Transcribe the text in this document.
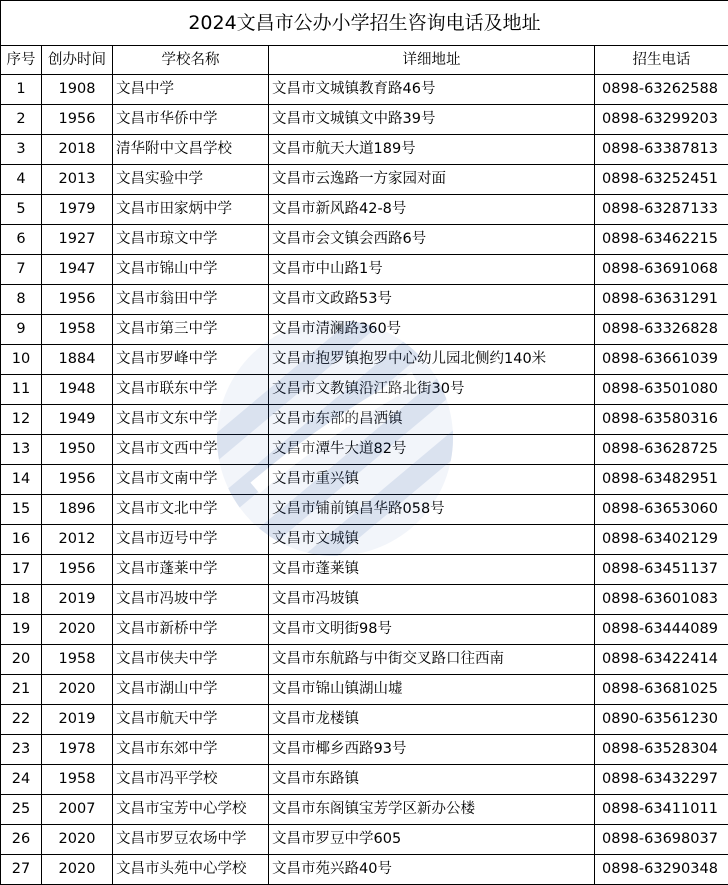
2024文昌市公办小学招生咨询电话及地址				
序号	创办时间	学校名称	详细地址	招生电话
1	1908	文昌中学	文昌市文城镇教育路46号	0898-63262588
2	1956	文昌市华侨中学	文昌市文城镇文中路39号	0898-63299203
3	2018	清华附中文昌学校	文昌市航天大道189号	0898-63387813
4	2013	文昌实验中学	文昌市云逸路一方家园对面	0898-63252451
5	1979	文昌市田家炳中学	文昌市新风路42-8号	0898-63287133
6	1927	文昌市琼文中学	文昌市会文镇会西路6号	0898-63462215
7	1947	文昌市锦山中学	文昌市中山路1号	0898-63691068
8	1956	文昌市翁田中学	文昌市文政路53号	0898-63631291
9	1958	文昌市第三中学	文昌市清澜路360号	0898-63326828
10	1884	文昌市罗峰中学	文昌市抱罗镇抱罗中心幼儿园北侧约140米	0898-63661039
11	1948	文昌市联东中学	文昌市文教镇沿江路北街30号	0898-63501080
12	1949	文昌市文东中学	文昌市东部的昌洒镇	0898-63580316
13	1950	文昌市文西中学	文昌市潭牛大道82号	0898-63628725
14	1956	文昌市文南中学	文昌市重兴镇	0898-63482951
15	1896	文昌市文北中学	文昌市铺前镇昌华路058号	0898-63653060
16	2012	文昌市迈号中学	文昌市文城镇	0898-63402129
17	1956	文昌市蓬莱中学	文昌市蓬莱镇	0898-63451137
18	2019	文昌市冯坡中学	文昌市冯坡镇	0898-63601083
19	2020	文昌市新桥中学	文昌市文明街98号	0898-63444089
20	1958	文昌市侠夫中学	文昌市东航路与中街交叉路口往西南	0898-63422414
21	2020	文昌市湖山中学	文昌市锦山镇湖山墟	0898-63681025
22	2019	文昌市航天中学	文昌市龙楼镇	0890-63561230
23	1978	文昌市东郊中学	文昌市椰乡西路93号	0898-63528304
24	1958	文昌市冯平学校	文昌市东路镇	0898-63432297
25	2007	文昌市宝芳中心学校	文昌市东阁镇宝芳学区新办公楼	0898-63411011
26	2020	文昌市罗豆农场中学	文昌市罗豆中学605	0898-63698037
27	2020	文昌市头苑中心学校	文昌市苑兴路40号	0898-63290348
